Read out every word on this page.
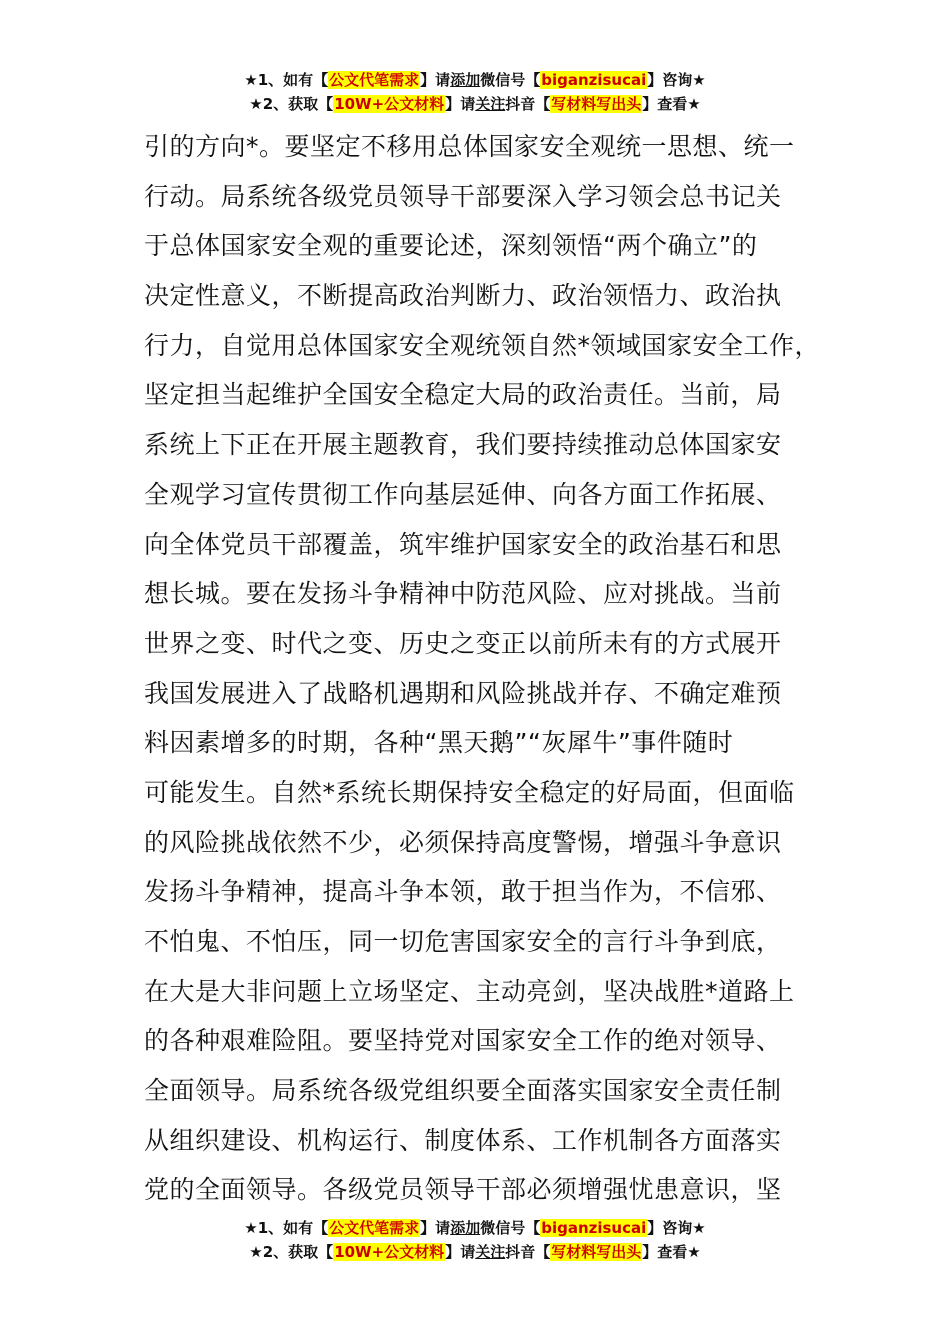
★1、如有【公文代笔需求】请添加微信号【biganzisucai】咨询★
★2、获取【10W+公文材料】请关注抖音【写材料写出头】查看★
引的方向*。要坚定不移用总体国家安全观统一思想、统一
行动。局系统各级党员领导干部要深入学习领会总书记关
于总体国家安全观的重要论述，深刻领悟“两个确立”的
决定性意义，不断提高政治判断力、政治领悟力、政治执
行力，自觉用总体国家安全观统领自然*领域国家安全工作，
坚定担当起维护全国安全稳定大局的政治责任。当前，局
系统上下正在开展主题教育，我们要持续推动总体国家安
全观学习宣传贯彻工作向基层延伸、向各方面工作拓展、
向全体党员干部覆盖，筑牢维护国家安全的政治基石和思
想长城。要在发扬斗争精神中防范风险、应对挑战。当前
世界之变、时代之变、历史之变正以前所未有的方式展开
我国发展进入了战略机遇期和风险挑战并存、不确定难预
料因素增多的时期，各种“黑天鹅”“灰犀牛”事件随时
可能发生。自然*系统长期保持安全稳定的好局面，但面临
的风险挑战依然不少，必须保持高度警惕，增强斗争意识
发扬斗争精神，提高斗争本领，敢于担当作为，不信邪、
不怕鬼、不怕压，同一切危害国家安全的言行斗争到底，
在大是大非问题上立场坚定、主动亮剑，坚决战胜*道路上
的各种艰难险阻。要坚持党对国家安全工作的绝对领导、
全面领导。局系统各级党组织要全面落实国家安全责任制
从组织建设、机构运行、制度体系、工作机制各方面落实
党的全面领导。各级党员领导干部必须增强忧患意识，坚
★1、如有【公文代笔需求】请添加微信号【biganzisucai】咨询★
★2、获取【10W+公文材料】请关注抖音【写材料写出头】查看★
